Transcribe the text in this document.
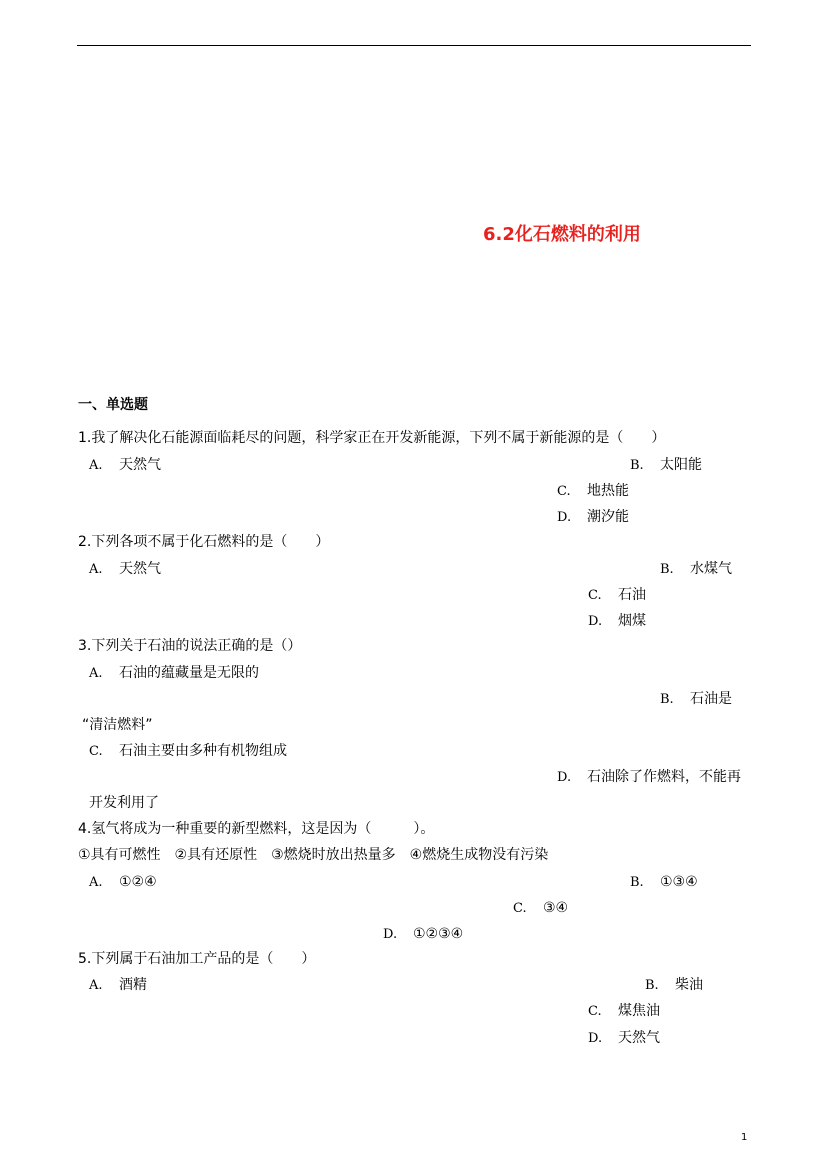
6.2化石燃料的利用
一、单选题
1.我了解决化石能源面临耗尽的问题，科学家正在开发新能源，下列不属于新能源的是（　　）
A. 天然气	B. 太阳能
C. 地热能
D. 潮汐能
2.下列各项不属于化石燃料的是（　　）
A. 天然气	B. 水煤气
C. 石油
D. 烟煤
3.下列关于石油的说法正确的是（）
A. 石油的蕴藏量是无限的
B. 石油是
“清洁燃料”
C. 石油主要由多种有机物组成
D. 石油除了作燃料，不能再
开发利用了
4.氢气将成为一种重要的新型燃料，这是因为（　　　）。
①具有可燃性　②具有还原性　③燃烧时放出热量多　④燃烧生成物没有污染
A. ①②④	B. ①③④
C. ③④
D. ①②③④
5.下列属于石油加工产品的是（　　）
A. 酒精	B. 柴油
C. 煤焦油
D. 天然气
1
